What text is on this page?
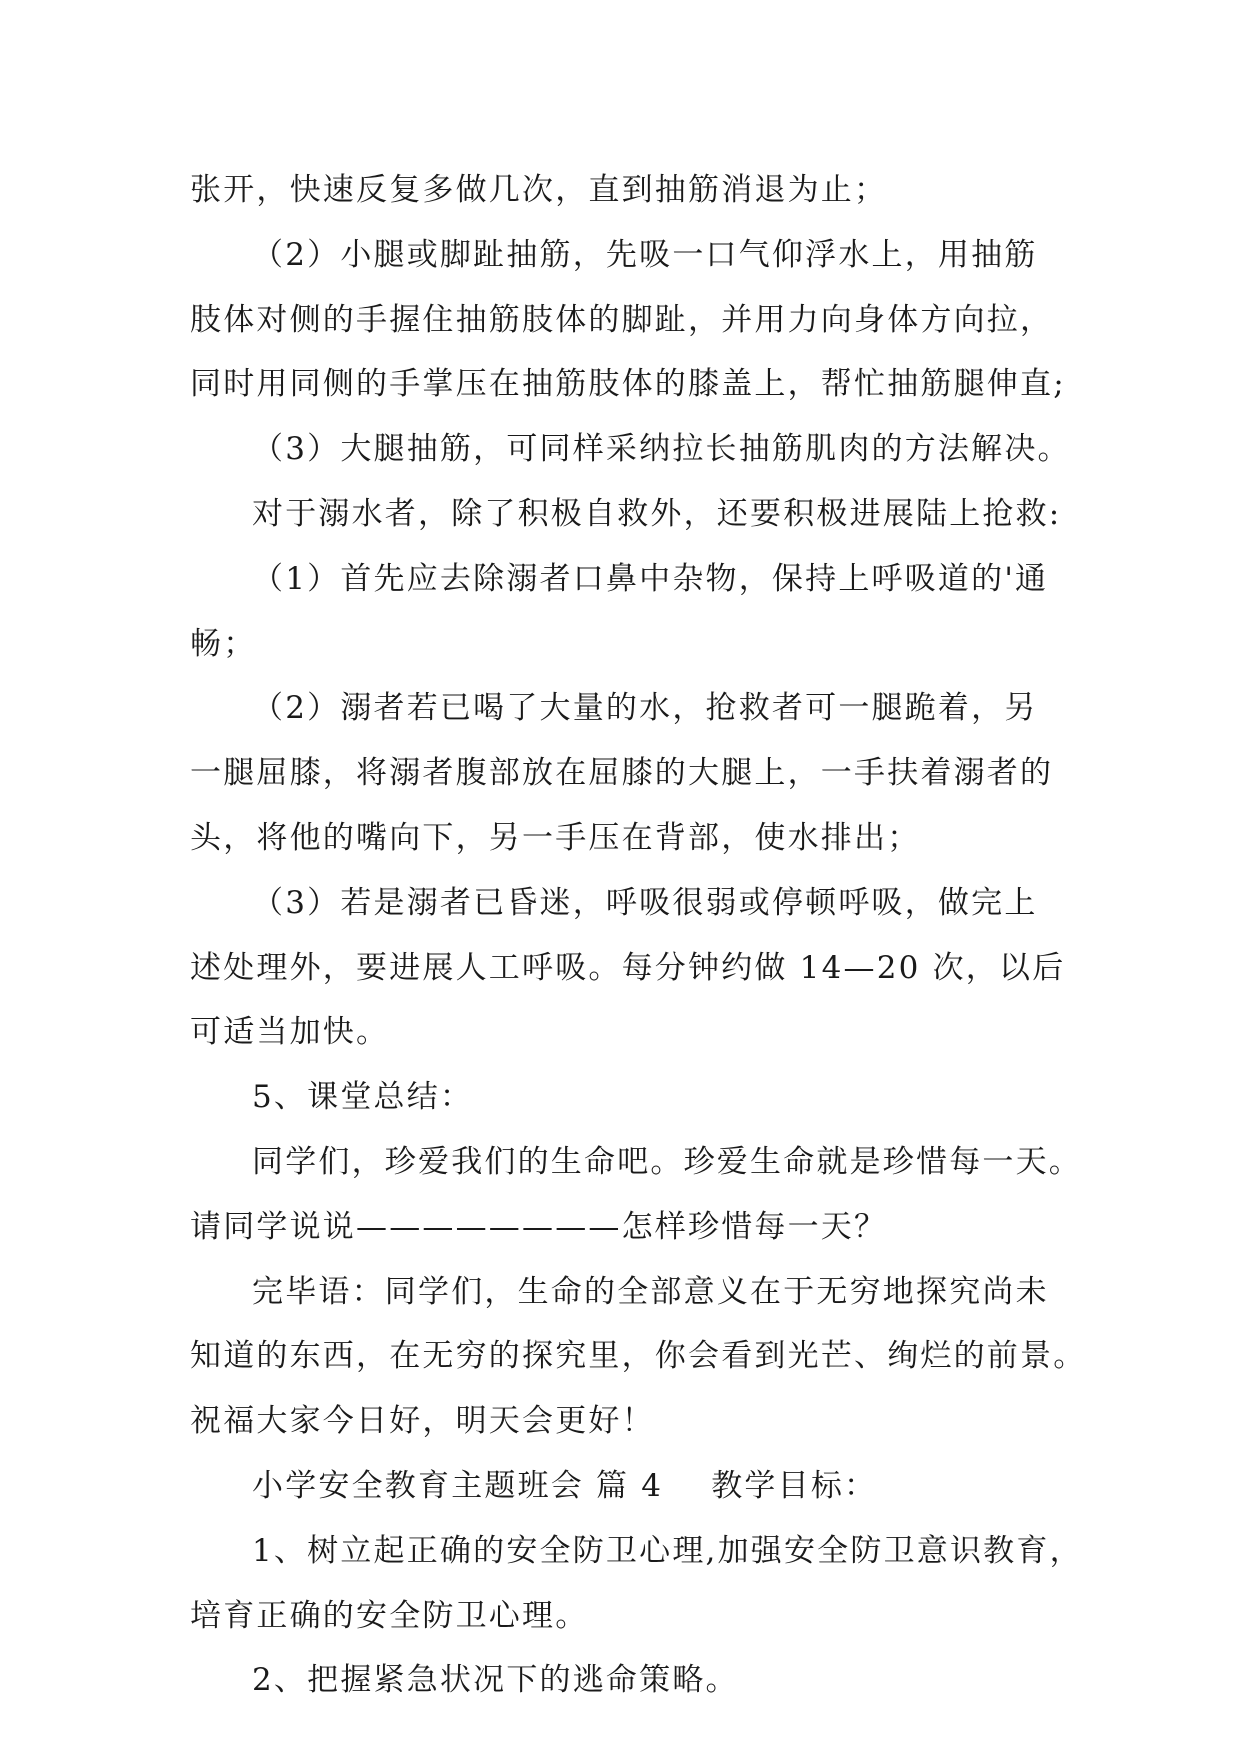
张开，快速反复多做几次，直到抽筋消退为止；
（2）小腿或脚趾抽筋，先吸一口气仰浮水上，用抽筋
肢体对侧的手握住抽筋肢体的脚趾，并用力向身体方向拉，
同时用同侧的手掌压在抽筋肢体的膝盖上，帮忙抽筋腿伸直;
（3）大腿抽筋，可同样采纳拉长抽筋肌肉的方法解决。
对于溺水者，除了积极自救外，还要积极进展陆上抢救:
（1）首先应去除溺者口鼻中杂物，保持上呼吸道的'通
畅；
（2）溺者若已喝了大量的水，抢救者可一腿跪着，另
一腿屈膝，将溺者腹部放在屈膝的大腿上，一手扶着溺者的
头，将他的嘴向下，另一手压在背部，使水排出；
（3）若是溺者已昏迷，呼吸很弱或停顿呼吸，做完上
述处理外，要进展人工呼吸。每分钟约做 14—20 次，以后
可适当加快。
5、课堂总结：
同学们，珍爱我们的生命吧。珍爱生命就是珍惜每一天。
请同学说说————————怎样珍惜每一天？
完毕语：同学们，生命的全部意义在于无穷地探究尚未
知道的东西，在无穷的探究里，你会看到光芒、绚烂的前景。
祝福大家今日好，明天会更好！
小学安全教育主题班会 篇 4 教学目标：
1、树立起正确的安全防卫心理,加强安全防卫意识教育，
培育正确的安全防卫心理。
2、把握紧急状况下的逃命策略。
